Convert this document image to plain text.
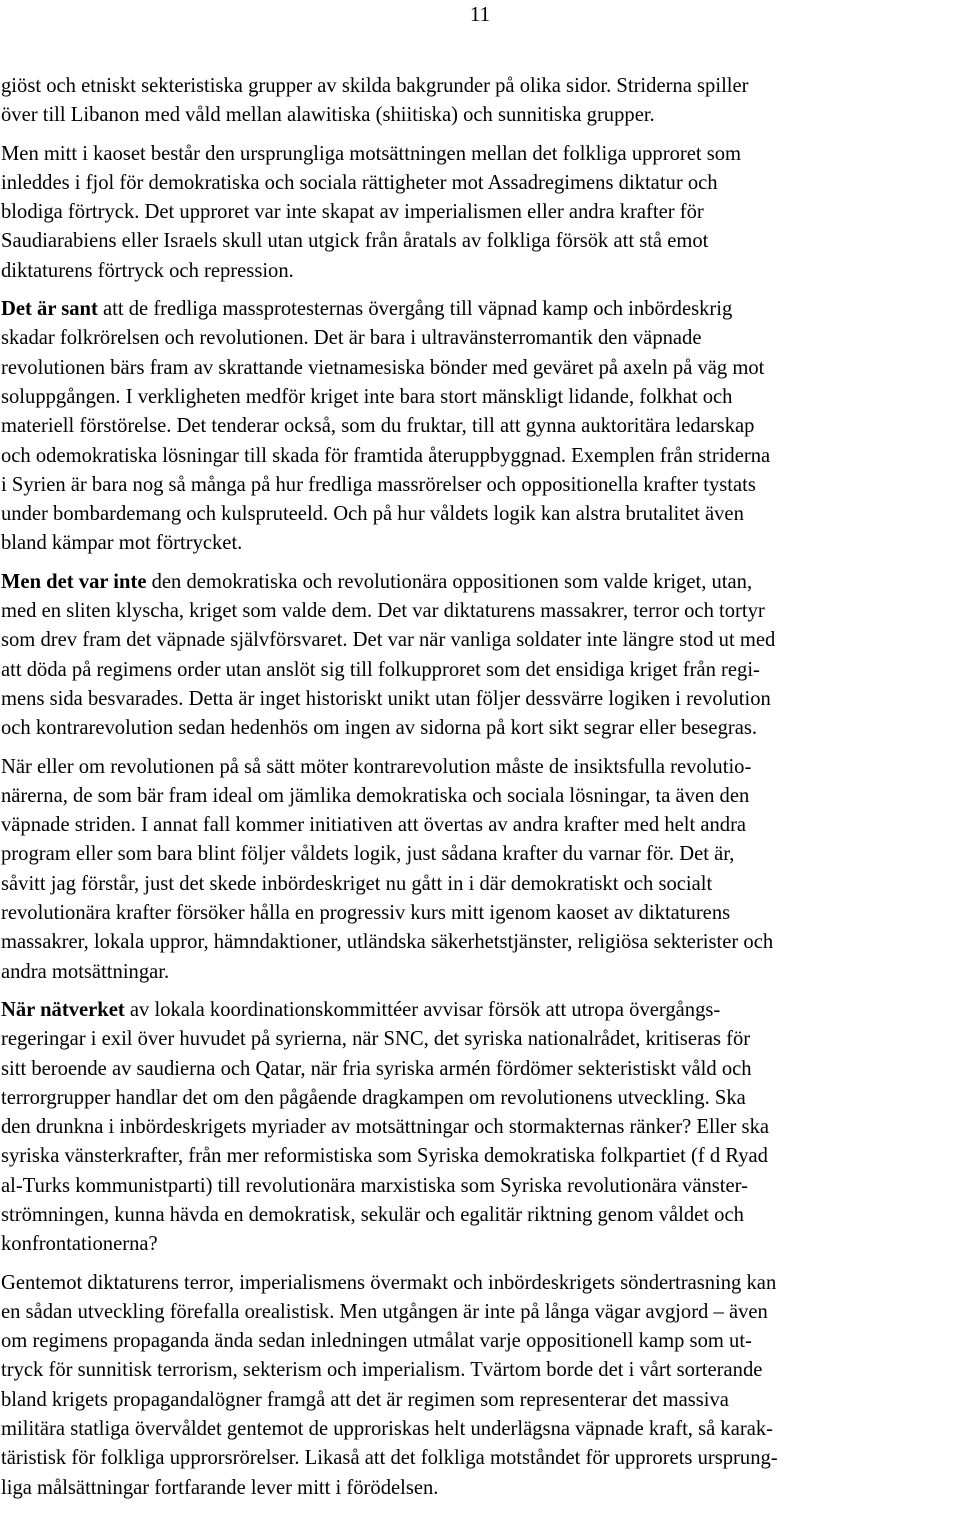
11
giöst och etniskt sekteristiska grupper av skilda bakgrunder på olika sidor. Striderna spiller
över till Libanon med våld mellan alawitiska (shiitiska) och sunnitiska grupper.
Men mitt i kaoset består den ursprungliga motsättningen mellan det folkliga upproret som
inleddes i fjol för demokratiska och sociala rättigheter mot Assadregimens diktatur och
blodiga förtryck. Det upproret var inte skapat av imperialismen eller andra krafter för
Saudiarabiens eller Israels skull utan utgick från åratals av folkliga försök att stå emot
diktaturens förtryck och repression.
Det är sant att de fredliga massprotesternas övergång till väpnad kamp och inbördeskrig
skadar folkrörelsen och revolutionen. Det är bara i ultravänsterromantik den väpnade
revolutionen bärs fram av skrattande vietnamesiska bönder med geväret på axeln på väg mot
soluppgången. I verkligheten medför kriget inte bara stort mänskligt lidande, folkhat och
materiell förstörelse. Det tenderar också, som du fruktar, till att gynna auktoritära ledarskap
och odemokratiska lösningar till skada för framtida återuppbyggnad. Exemplen från striderna
i Syrien är bara nog så många på hur fredliga massrörelser och oppositionella krafter tystats
under bombardemang och kulspruteeld. Och på hur våldets logik kan alstra brutalitet även
bland kämpar mot förtrycket.
Men det var inte den demokratiska och revolutionära oppositionen som valde kriget, utan,
med en sliten klyscha, kriget som valde dem. Det var diktaturens massakrer, terror och tortyr
som drev fram det väpnade självförsvaret. Det var när vanliga soldater inte längre stod ut med
att döda på regimens order utan anslöt sig till folkupproret som det ensidiga kriget från regi-
mens sida besvarades. Detta är inget historiskt unikt utan följer dessvärre logiken i revolution
och kontrarevolution sedan hedenhös om ingen av sidorna på kort sikt segrar eller besegras.
När eller om revolutionen på så sätt möter kontrarevolution måste de insiktsfulla revolutio-
närerna, de som bär fram ideal om jämlika demokratiska och sociala lösningar, ta även den
väpnade striden. I annat fall kommer initiativen att övertas av andra krafter med helt andra
program eller som bara blint följer våldets logik, just sådana krafter du varnar för. Det är,
såvitt jag förstår, just det skede inbördeskriget nu gått in i där demokratiskt och socialt
revolutionära krafter försöker hålla en progressiv kurs mitt igenom kaoset av diktaturens
massakrer, lokala uppror, hämndaktioner, utländska säkerhetstjänster, religiösa sekterister och
andra motsättningar.
När nätverket av lokala koordinationskommittéer avvisar försök att utropa övergångs-
regeringar i exil över huvudet på syrierna, när SNC, det syriska nationalrådet, kritiseras för
sitt beroende av saudierna och Qatar, när fria syriska armén fördömer sekteristiskt våld och
terrorgrupper handlar det om den pågående dragkampen om revolutionens utveckling. Ska
den drunkna i inbördeskrigets myriader av motsättningar och stormakternas ränker? Eller ska
syriska vänsterkrafter, från mer reformistiska som Syriska demokratiska folkpartiet (f d Ryad
al-Turks kommunistparti) till revolutionära marxistiska som Syriska revolutionära vänster-
strömningen, kunna hävda en demokratisk, sekulär och egalitär riktning genom våldet och
konfrontationerna?
Gentemot diktaturens terror, imperialismens övermakt och inbördeskrigets söndertrasning kan
en sådan utveckling förefalla orealistisk. Men utgången är inte på långa vägar avgjord – även
om regimens propaganda ända sedan inledningen utmålat varje oppositionell kamp som ut-
tryck för sunnitisk terrorism, sekterism och imperialism. Tvärtom borde det i vårt sorterande
bland krigets propagandalögner framgå att det är regimen som representerar det massiva
militära statliga övervåldet gentemot de upproriskas helt underlägsna väpnade kraft, så karak-
täristisk för folkliga upprorsrörelser. Likaså att det folkliga motståndet för upprorets ursprung-
liga målsättningar fortfarande lever mitt i förödelsen.
